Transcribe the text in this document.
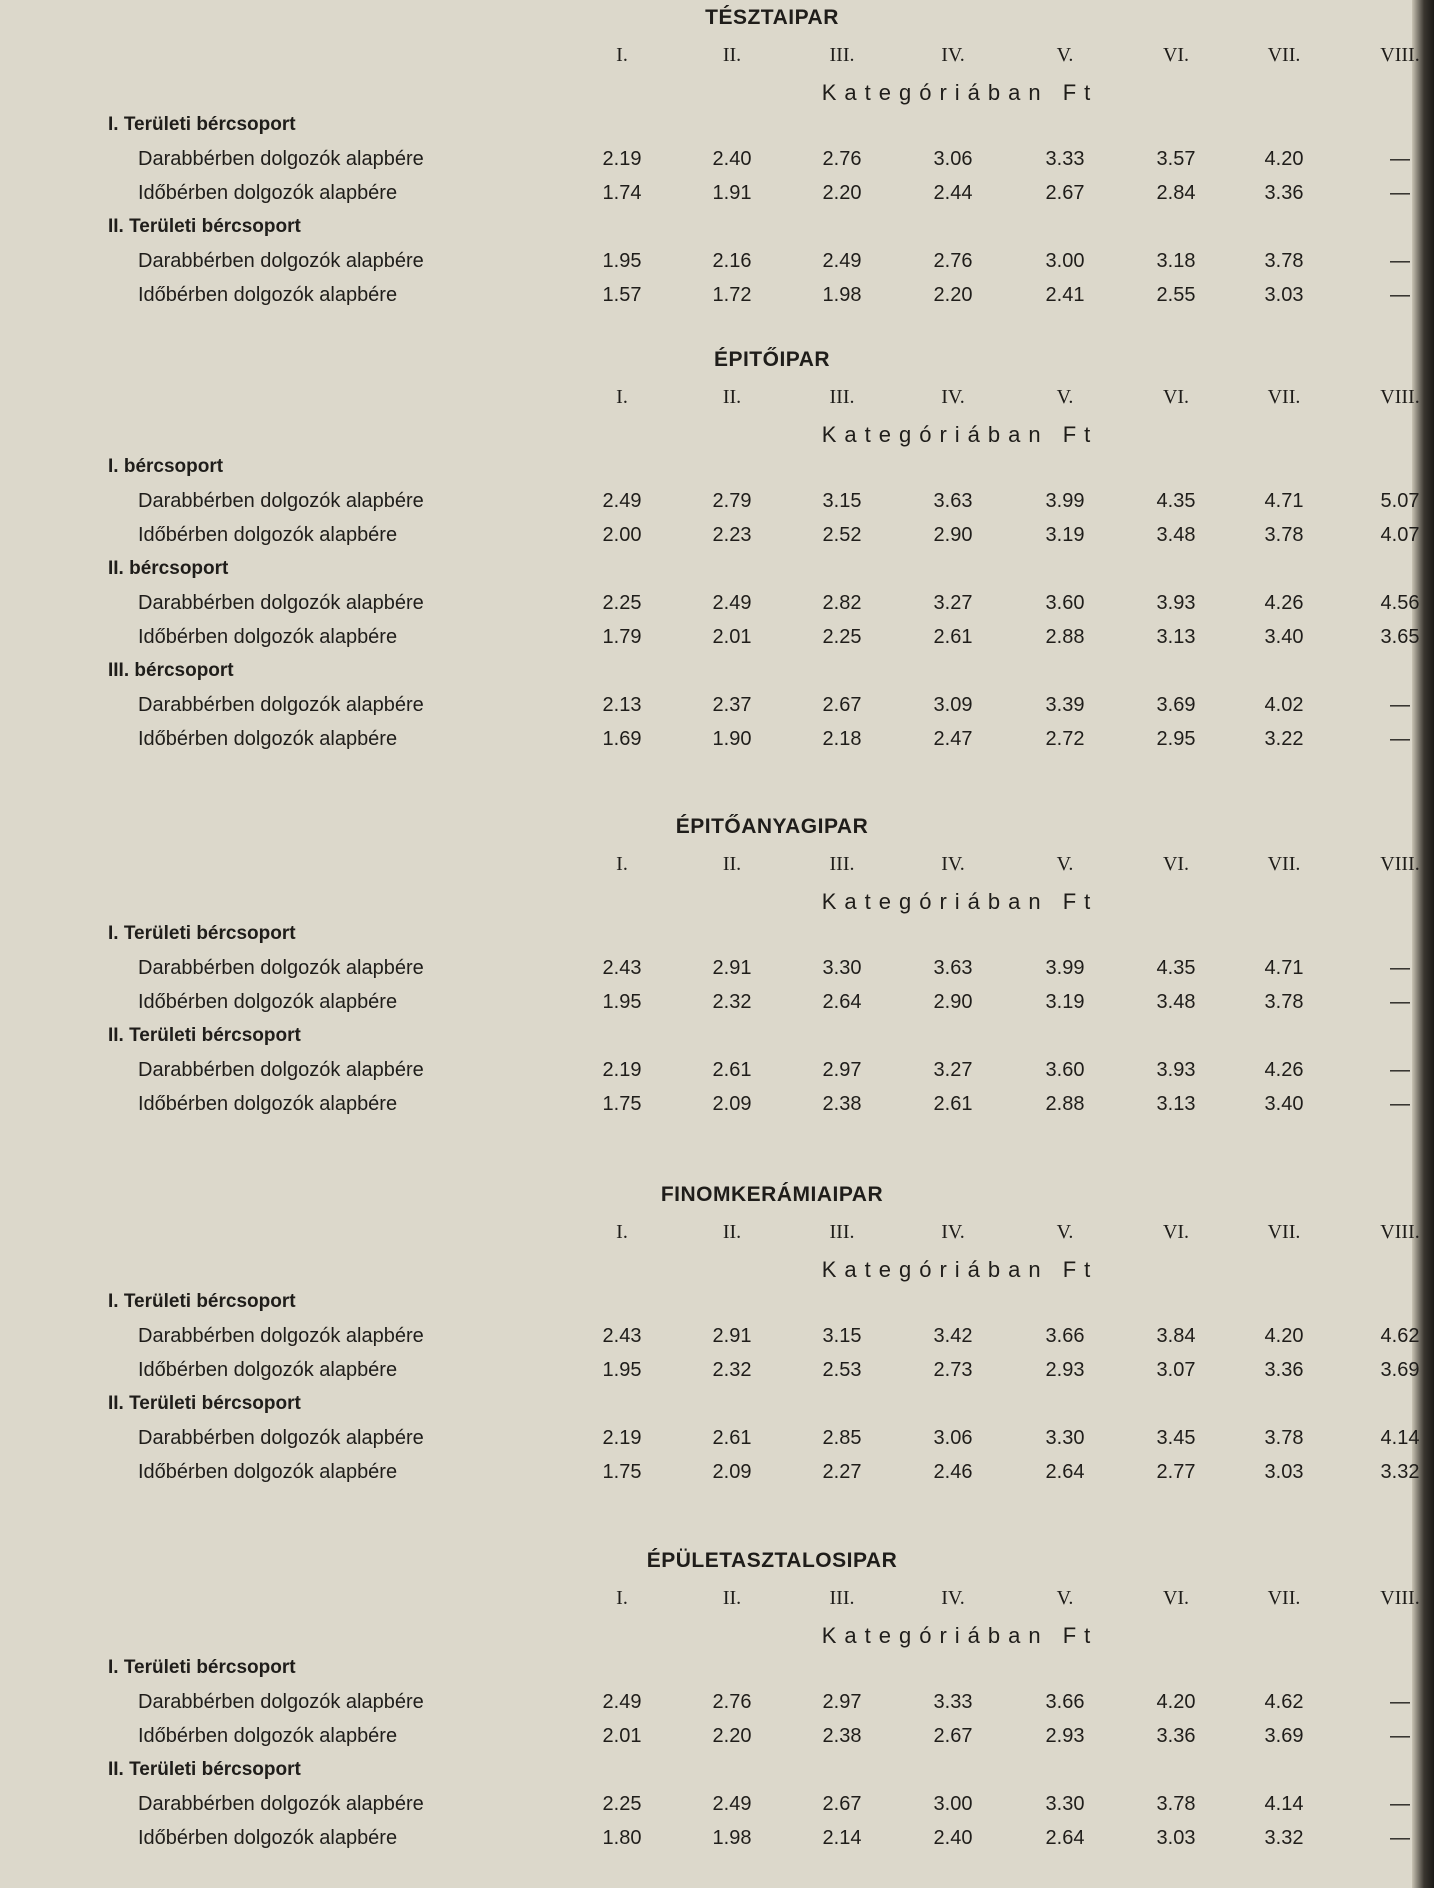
TÉSZTAIPAR
I.	II.	III.	IV.	V.	VI.	VII.	VIII.
Kategóriában Ft
I. Területi bércsoport
Darabbérben dolgozók alapbére	2.19	2.40	2.76	3.06	3.33	3.57	4.20	—
Időbérben dolgozók alapbére	1.74	1.91	2.20	2.44	2.67	2.84	3.36	—
II. Területi bércsoport
Darabbérben dolgozók alapbére	1.95	2.16	2.49	2.76	3.00	3.18	3.78	—
Időbérben dolgozók alapbére	1.57	1.72	1.98	2.20	2.41	2.55	3.03	—
ÉPITŐIPAR
I.	II.	III.	IV.	V.	VI.	VII.	VIII.
Kategóriában Ft
I. bércsoport
Darabbérben dolgozók alapbére	2.49	2.79	3.15	3.63	3.99	4.35	4.71	5.07
Időbérben dolgozók alapbére	2.00	2.23	2.52	2.90	3.19	3.48	3.78	4.07
II. bércsoport
Darabbérben dolgozók alapbére	2.25	2.49	2.82	3.27	3.60	3.93	4.26	4.56
Időbérben dolgozók alapbére	1.79	2.01	2.25	2.61	2.88	3.13	3.40	3.65
III. bércsoport
Darabbérben dolgozók alapbére	2.13	2.37	2.67	3.09	3.39	3.69	4.02	—
Időbérben dolgozók alapbére	1.69	1.90	2.18	2.47	2.72	2.95	3.22	—
ÉPITŐANYAGIPAR
I.	II.	III.	IV.	V.	VI.	VII.	VIII.
Kategóriában Ft
I. Területi bércsoport
Darabbérben dolgozók alapbére	2.43	2.91	3.30	3.63	3.99	4.35	4.71	—
Időbérben dolgozók alapbére	1.95	2.32	2.64	2.90	3.19	3.48	3.78	—
II. Területi bércsoport
Darabbérben dolgozók alapbére	2.19	2.61	2.97	3.27	3.60	3.93	4.26	—
Időbérben dolgozók alapbére	1.75	2.09	2.38	2.61	2.88	3.13	3.40	—
FINOMKERÁMIAIPAR
I.	II.	III.	IV.	V.	VI.	VII.	VIII.
Kategóriában Ft
I. Területi bércsoport
Darabbérben dolgozók alapbére	2.43	2.91	3.15	3.42	3.66	3.84	4.20	4.62
Időbérben dolgozók alapbére	1.95	2.32	2.53	2.73	2.93	3.07	3.36	3.69
II. Területi bércsoport
Darabbérben dolgozók alapbére	2.19	2.61	2.85	3.06	3.30	3.45	3.78	4.14
Időbérben dolgozók alapbére	1.75	2.09	2.27	2.46	2.64	2.77	3.03	3.32
ÉPÜLETASZTALOSIPAR
I.	II.	III.	IV.	V.	VI.	VII.	VIII.
Kategóriában Ft
I. Területi bércsoport
Darabbérben dolgozók alapbére	2.49	2.76	2.97	3.33	3.66	4.20	4.62	—
Időbérben dolgozók alapbére	2.01	2.20	2.38	2.67	2.93	3.36	3.69	—
II. Területi bércsoport
Darabbérben dolgozók alapbére	2.25	2.49	2.67	3.00	3.30	3.78	4.14	—
Időbérben dolgozók alapbére	1.80	1.98	2.14	2.40	2.64	3.03	3.32	—
